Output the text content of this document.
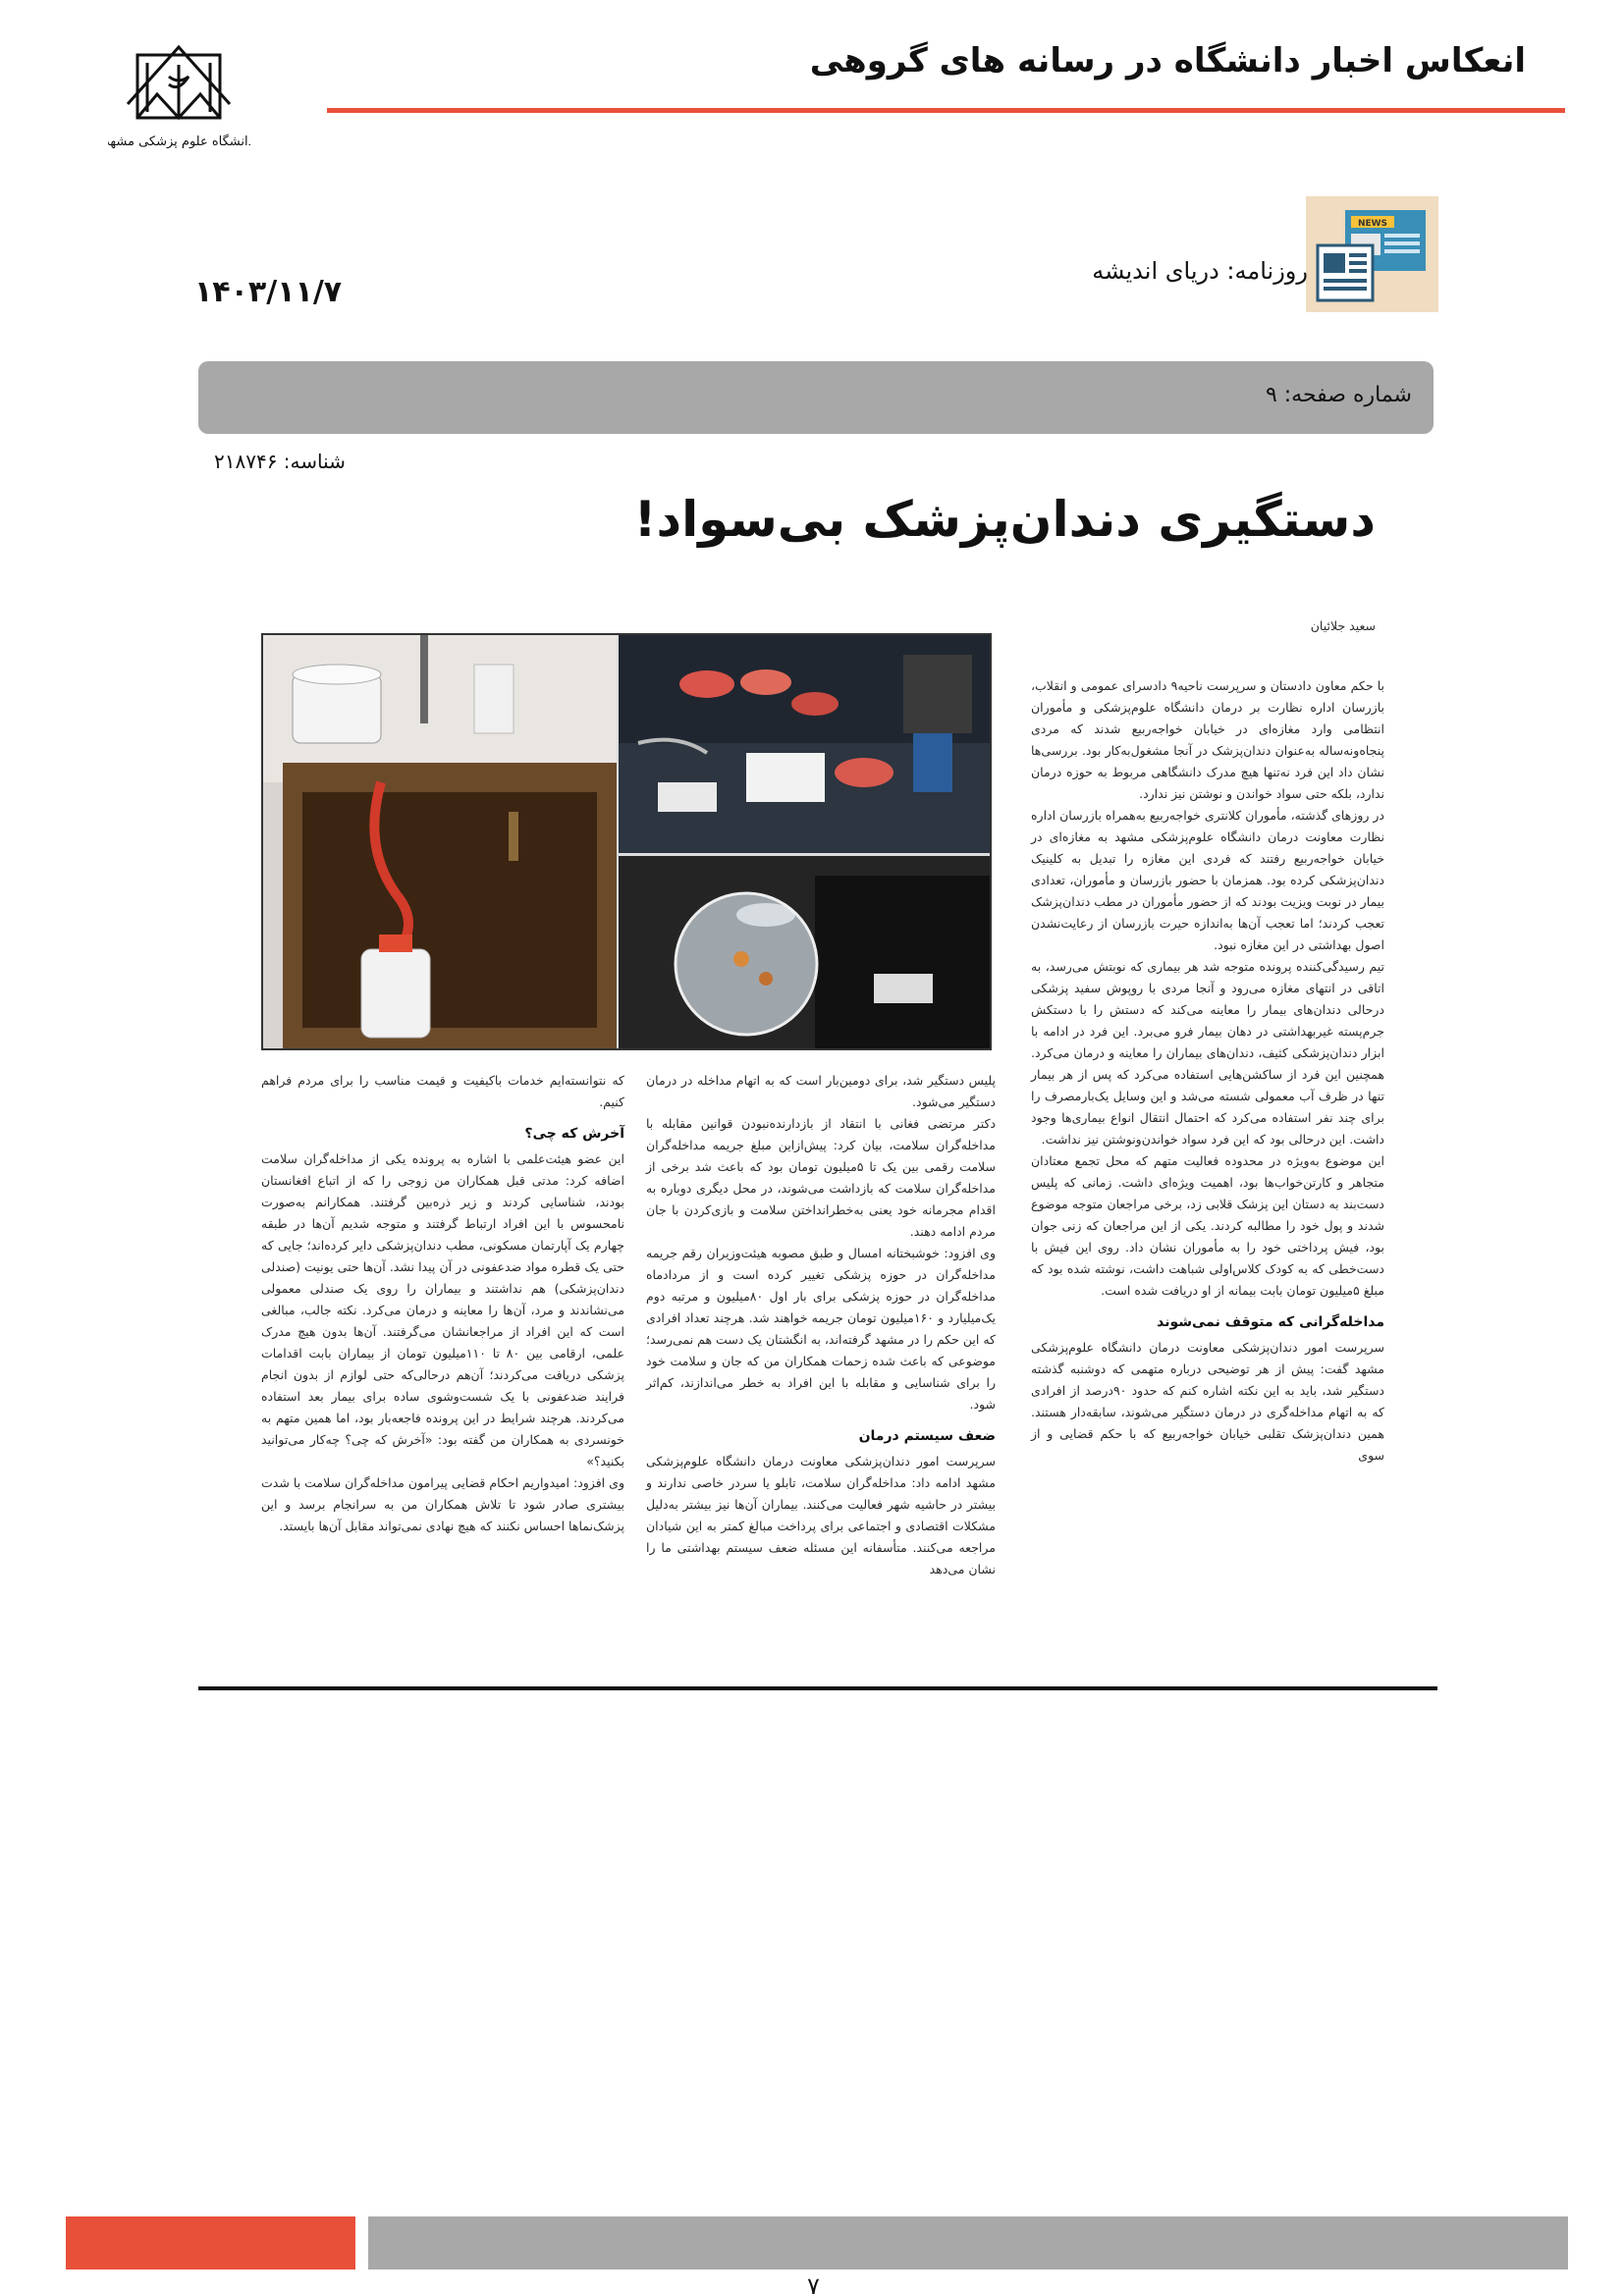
انعکاس اخبار دانشگاه در رسانه های گروهی
دانشگاه علوم پزشکی مشهد
NEWS
روزنامه: دریای اندیشه
۱۴۰۳/۱۱/۷
شماره صفحه: ۹
شناسه: ۲۱۸۷۴۶
دستگیری دندان‌پزشک بی‌سواد!
سعید جلائیان

با حکم معاون دادستان و سرپرست ناحیه۹ دادسرای عمومی و انقلاب، بازرسان اداره نظارت بر درمان دانشگاه علوم‌پزشکی و مأموران انتظامی وارد مغازه‌ای در خیابان خواجه‌ربیع شدند که مردی پنجاه‌ونه‌ساله به‌عنوان دندان‌پزشک در آنجا مشغول‌به‌کار بود. بررسی‌ها نشان داد این فرد نه‌تنها هیچ مدرک دانشگاهی مربوط به حوزه درمان ندارد، بلکه حتی سواد خواندن و نوشتن نیز ندارد.

در روزهای گذشته، مأموران کلانتری خواجه‌ربیع به‌همراه بازرسان اداره نظارت معاونت درمان دانشگاه علوم‌پزشکی مشهد به مغازه‌ای در خیابان خواجه‌ربیع رفتند که فردی این مغازه را تبدیل به کلینیک دندان‌پزشکی کرده بود. همزمان با حضور بازرسان و مأموران، تعدادی بیمار در نوبت ویزیت بودند که از حضور مأموران در مطب دندان‌پزشک تعجب کردند؛ اما تعجب آن‌ها به‌اندازه حیرت بازرسان از رعایت‌نشدن اصول بهداشتی در این مغازه نبود.

تیم رسیدگی‌کننده پرونده متوجه شد هر بیماری که نوبتش می‌رسد، به اتاقی در انتهای مغازه می‌رود و آنجا مردی با روپوش سفید پزشکی درحالی دندان‌های بیمار را معاینه می‌کند که دستش را با دستکش جرم‌پسته غیربهداشتی در دهان بیمار فرو می‌برد. این فرد در ادامه با ابزار دندان‌پزشکی کثیف، دندان‌های بیماران را معاینه و درمان می‌کرد. همچنین این فرد از ساکشن‌هایی استفاده می‌کرد که پس از هر بیمار تنها در ظرف آب معمولی شسته می‌شد و این وسایل یک‌بارمصرف را برای چند نفر استفاده می‌کرد که احتمال انتقال انواع بیماری‌ها وجود داشت. این درحالی بود که این فرد سواد خواندن‌ونوشتن نیز نداشت.

این موضوع به‌ویژه در محدوده فعالیت متهم که محل تجمع معتادان متجاهر و کارتن‌خواب‌ها بود، اهمیت ویژه‌ای داشت. زمانی که پلیس دست‌بند به دستان این پزشک قلابی زد، برخی مراجعان متوجه موضوع شدند و پول خود را مطالبه کردند. یکی از این مراجعان که زنی جوان بود، فیش پرداختی خود را به مأموران نشان داد. روی این فیش با دست‌خطی که به کودک کلاس‌اولی شباهت داشت، نوشته شده بود که مبلغ ۵میلیون تومان بابت بیمانه از او دریافت شده است.

مداخله‌گرانی که متوقف نمی‌شوند

سرپرست امور دندان‌پزشکی معاونت درمان دانشگاه علوم‌پزشکی مشهد گفت: پیش از هر توضیحی درباره متهمی که دوشنبه گذشته دستگیر شد، باید به این نکته اشاره کنم که حدود ۹۰درصد از افرادی که به اتهام مداخله‌گری در درمان دستگیر می‌شوند، سابقه‌دار هستند. همین دندان‌پزشک تقلبی خیابان خواجه‌ربیع که با حکم قضایی و از سوی

پلیس دستگیر شد، برای دومین‌بار است که به اتهام مداخله در درمان دستگیر می‌شود.

دکتر مرتضی فغانی با انتقاد از بازدارنده‌نبودن قوانین مقابله با مداخله‌گران سلامت، بیان کرد: پیش‌ازاین مبلغ جریمه مداخله‌گران سلامت رقمی بین یک تا ۵میلیون تومان بود که باعث شد برخی از مداخله‌گران سلامت که بازداشت می‌شوند، در محل دیگری دوباره به اقدام مجرمانه خود یعنی به‌خطرانداختن سلامت و بازی‌کردن با جان مردم ادامه دهند.

وی افزود: خوشبختانه امسال و طبق مصوبه هیئت‌وزیران رقم جریمه مداخله‌گران در حوزه پزشکی تغییر کرده است و از مردادماه مداخله‌گران در حوزه پزشکی برای بار اول ۸۰میلیون و مرتبه دوم یک‌میلیارد و ۱۶۰میلیون تومان جریمه خواهند شد. هرچند تعداد افرادی که این حکم را در مشهد گرفته‌اند، به انگشتان یک دست هم نمی‌رسد؛ موضوعی که باعث شده زحمات همکاران من که جان و سلامت خود را برای شناسایی و مقابله با این افراد به خطر می‌اندازند، کم‌اثر شود.

ضعف سیستم درمان

سرپرست امور دندان‌پزشکی معاونت درمان دانشگاه علوم‌پزشکی مشهد ادامه داد: مداخله‌گران سلامت، تابلو یا سردر خاصی ندارند و بیشتر در حاشیه شهر فعالیت می‌کنند. بیماران آن‌ها نیز بیشتر به‌دلیل مشکلات اقتصادی و اجتماعی برای پرداخت مبالغ کمتر به این شیادان مراجعه می‌کنند. متأسفانه این مسئله ضعف سیستم بهداشتی ما را نشان می‌دهد

که نتوانسته‌ایم خدمات باکیفیت و قیمت مناسب را برای مردم فراهم کنیم.

آخرش که چی؟

این عضو هیئت‌علمی با اشاره به پرونده یکی از مداخله‌گران سلامت اضافه کرد: مدتی قبل همکاران من زوجی را که از اتباع افغانستان بودند، شناسایی کردند و زیر ذره‌بین گرفتند. همکارانم به‌صورت نامحسوس با این افراد ارتباط گرفتند و متوجه شدیم آن‌ها در طبقه چهارم یک آپارتمان مسکونی، مطب دندان‌پزشکی دایر کرده‌اند؛ جایی که حتی یک قطره مواد ضدعفونی در آن پیدا نشد. آن‌ها حتی یونیت (صندلی دندان‌پزشکی) هم نداشتند و بیماران را روی یک صندلی معمولی می‌نشاندند و مرد، آن‌ها را معاینه و درمان می‌کرد. نکته جالب، مبالغی است که این افراد از مراجعانشان می‌گرفتند. آن‌ها بدون هیچ مدرک علمی، ارقامی بین ۸۰ تا ۱۱۰میلیون تومان از بیماران بابت اقدامات پزشکی دریافت می‌کردند؛ آن‌هم درحالی‌که حتی لوازم از بدون انجام فرایند ضدعفونی با یک شست‌وشوی ساده برای بیمار بعد استفاده می‌کردند. هرچند شرایط در این پرونده فاجعه‌بار بود، اما همین متهم به خونسردی به همکاران من گفته بود: «آخرش که چی؟ چه‌کار می‌توانید بکنید؟»

وی افزود: امیدواریم احکام قضایی پیرامون مداخله‌گران سلامت با شدت بیشتری صادر شود تا تلاش همکاران من به سرانجام برسد و این پزشک‌نماها احساس نکنند که هیچ نهادی نمی‌تواند مقابل آن‌ها بایستد.

۷
